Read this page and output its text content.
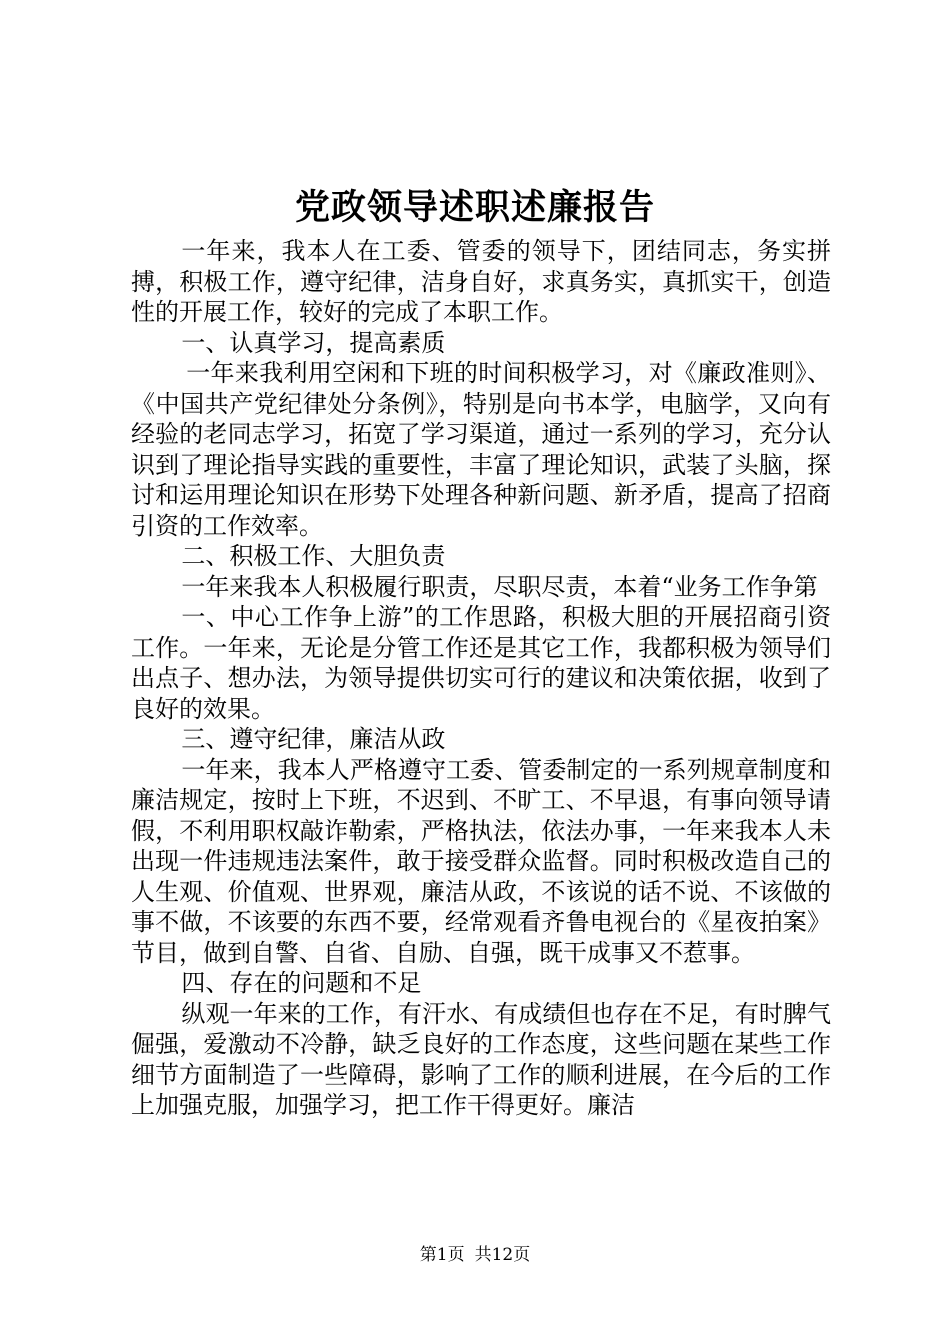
党政领导述职述廉报告

一年来，我本人在工委、管委的领导下，团结同志，务实拼搏，积极工作，遵守纪律，洁身自好，求真务实，真抓实干，创造性的开展工作，较好的完成了本职工作。

一、认真学习，提高素质

一年来我利用空闲和下班的时间积极学习，对《廉政准则》、《中国共产党纪律处分条例》，特别是向书本学，电脑学，又向有经验的老同志学习，拓宽了学习渠道，通过一系列的学习，充分认识到了理论指导实践的重要性，丰富了理论知识，武装了头脑，探讨和运用理论知识在形势下处理各种新问题、新矛盾，提高了招商引资的工作效率。

二、积极工作、大胆负责

一年来我本人积极履行职责，尽职尽责，本着“业务工作争第

一、中心工作争上游”的工作思路，积极大胆的开展招商引资工作。一年来，无论是分管工作还是其它工作，我都积极为领导们出点子、想办法，为领导提供切实可行的建议和决策依据，收到了良好的效果。

三、遵守纪律，廉洁从政

一年来，我本人严格遵守工委、管委制定的一系列规章制度和廉洁规定，按时上下班，不迟到、不旷工、不早退，有事向领导请假，不利用职权敲诈勒索，严格执法，依法办事，一年来我本人未出现一件违规违法案件，敢于接受群众监督。同时积极改造自己的人生观、价值观、世界观，廉洁从政，不该说的话不说、不该做的事不做，不该要的东西不要，经常观看齐鲁电视台的《星夜拍案》节目，做到自警、自省、自励、自强，既干成事又不惹事。

四、存在的问题和不足

纵观一年来的工作，有汗水、有成绩但也存在不足，有时脾气倔强，爱激动不冷静，缺乏良好的工作态度，这些问题在某些工作细节方面制造了一些障碍，影响了工作的顺利进展，在今后的工作上加强克服，加强学习，把工作干得更好。廉洁

第1页 共12页
